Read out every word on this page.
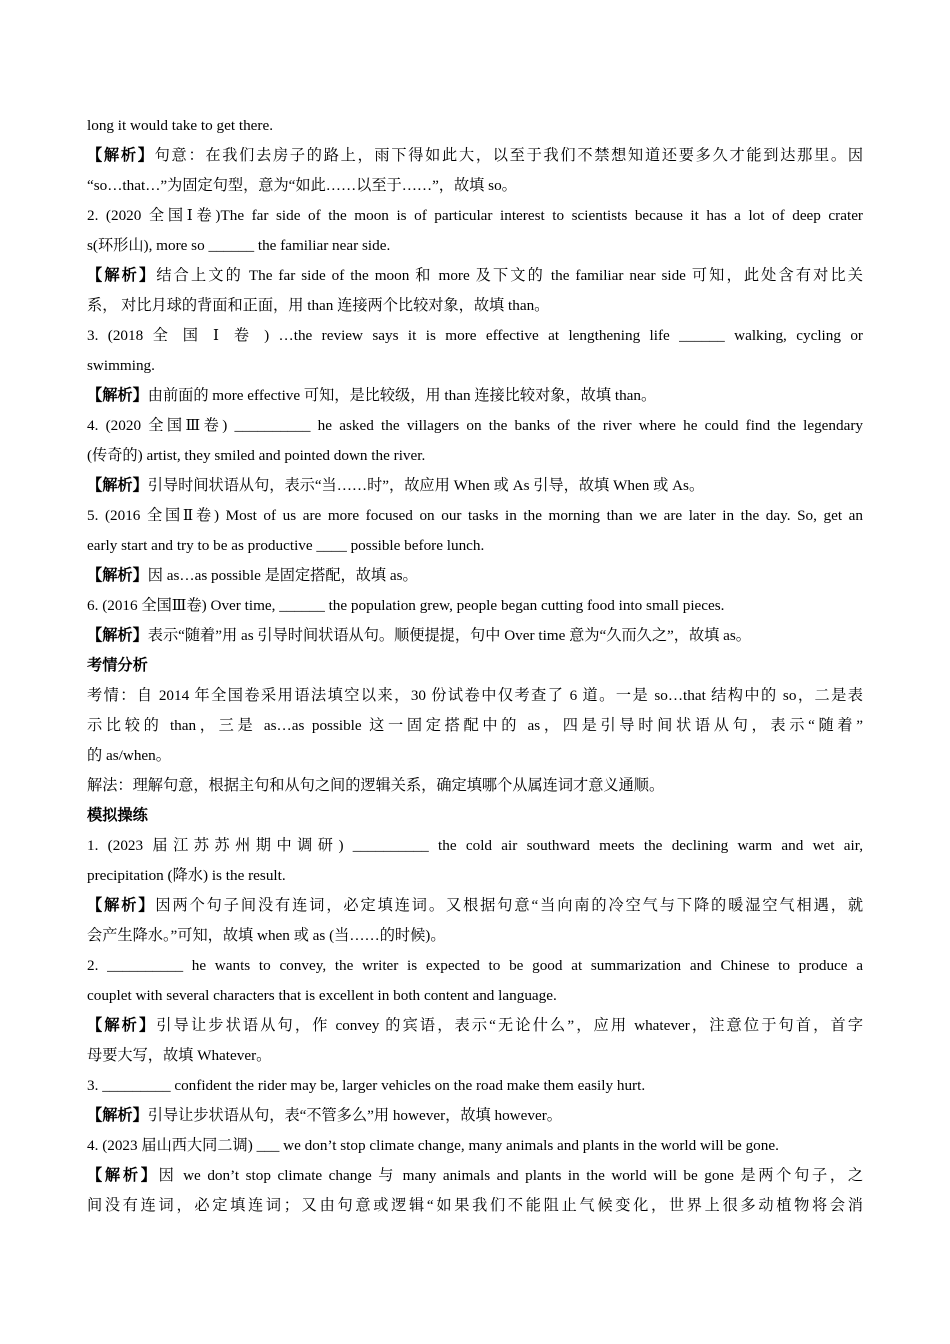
long it would take to get there.

【解析】句意：在我们去房子的路上，雨下得如此大，以至于我们不禁想知道还要多久才能到达那里。因

“so…that…”为固定句型，意为“如此……以至于……”，故填 so。

2. (2020 全国Ⅰ卷)The far side of the moon is of particular interest to scientists because it has a lot of deep crater

s(环形山), more so ______ the familiar near side.

【解析】结合上文的 The far side of the moon 和 more 及下文的 the familiar near side 可知，此处含有对比关

系， 对比月球的背面和正面，用 than 连接两个比较对象，故填 than。

3. (2018 全 国 Ⅰ 卷 ) …the review says it is more effective at lengthening life ______ walking, cycling or

swimming.

【解析】由前面的 more effective 可知，是比较级，用 than 连接比较对象，故填 than。

4. (2020 全国Ⅲ卷) __________ he asked the villagers on the banks of the river where he could find the legendary

(传奇的) artist, they smiled and pointed down the river.

【解析】引导时间状语从句，表示“当……时”，故应用 When 或 As 引导，故填 When 或 As。

5. (2016 全国Ⅱ卷) Most of us are more focused on our tasks in the morning than we are later in the day. So, get an

early start and try to be as productive ____ possible before lunch.

【解析】因 as…as possible 是固定搭配，故填 as。

6. (2016 全国Ⅲ卷) Over time, ______ the population grew, people began cutting food into small pieces.

【解析】表示“随着”用 as 引导时间状语从句。顺便提提，句中 Over time 意为“久而久之”，故填 as。

考情分析

考情：自 2014 年全国卷采用语法填空以来，30 份试卷中仅考查了 6 道。一是 so…that 结构中的 so，二是表

示比较的 than，三是 as…as possible 这一固定搭配中的 as，四是引导时间状语从句，表示“随着”

的 as/when。

解法：理解句意，根据主句和从句之间的逻辑关系，确定填哪个从属连词才意义通顺。

模拟操练

1. (2023 届江苏苏州期中调研) __________ the cold air southward meets the declining warm and wet air,

precipitation (降水) is the result.

【解析】因两个句子间没有连词，必定填连词。又根据句意“当向南的冷空气与下降的暖湿空气相遇，就

会产生降水。”可知，故填 when 或 as (当……的时候)。

2. __________ he wants to convey, the writer is expected to be good at summarization and Chinese to produce a

couplet with several characters that is excellent in both content and language.

【解析】引导让步状语从句，作 convey 的宾语，表示“无论什么”，应用 whatever，注意位于句首，首字

母要大写，故填 Whatever。

3. _________ confident the rider may be, larger vehicles on the road make them easily hurt.

【解析】引导让步状语从句，表“不管多么”用 however，故填 however。

4. (2023 届山西大同二调) ___ we don’t stop climate change, many animals and plants in the world will be gone.

【解析】因 we don’t stop climate change 与 many animals and plants in the world will be gone 是两个句子，之

间没有连词，必定填连词；又由句意或逻辑“如果我们不能阻止气候变化，世界上很多动植物将会消
